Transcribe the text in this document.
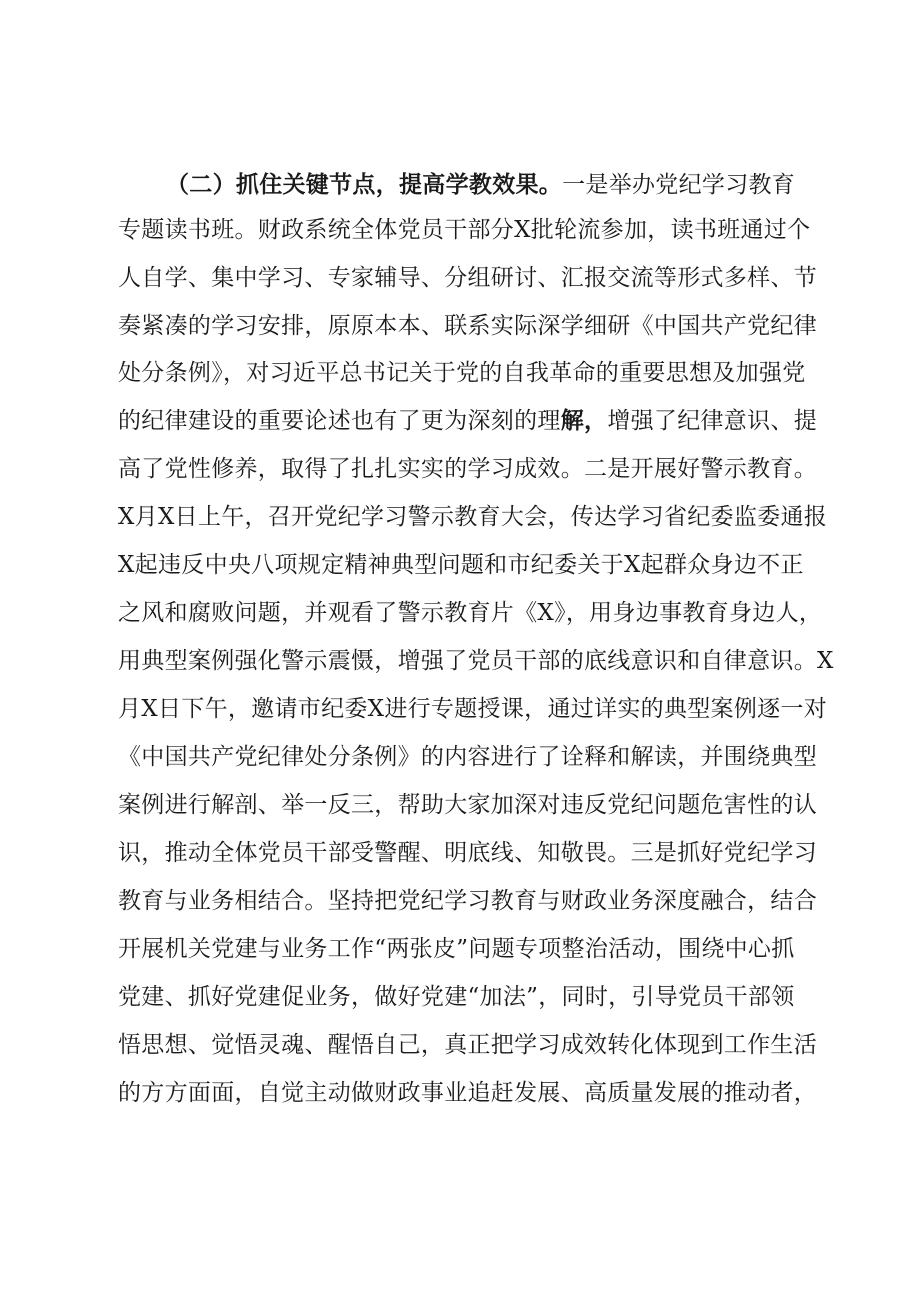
（二）抓住关键节点，提高学教效果。一是举办党纪学习教育
专题读书班。财政系统全体党员干部分X批轮流参加，读书班通过个
人自学、集中学习、专家辅导、分组研讨、汇报交流等形式多样、节
奏紧凑的学习安排，原原本本、联系实际深学细研《中国共产党纪律
处分条例》，对习近平总书记关于党的自我革命的重要思想及加强党
的纪律建设的重要论述也有了更为深刻的理解，增强了纪律意识、提
高了党性修养，取得了扎扎实实的学习成效。二是开展好警示教育。
X月X日上午，召开党纪学习警示教育大会，传达学习省纪委监委通报
X起违反中央八项规定精神典型问题和市纪委关于X起群众身边不正
之风和腐败问题，并观看了警示教育片《X》，用身边事教育身边人，
用典型案例强化警示震慑，增强了党员干部的底线意识和自律意识。X
月X日下午，邀请市纪委X进行专题授课，通过详实的典型案例逐一对
《中国共产党纪律处分条例》的内容进行了诠释和解读，并围绕典型
案例进行解剖、举一反三，帮助大家加深对违反党纪问题危害性的认
识，推动全体党员干部受警醒、明底线、知敬畏。三是抓好党纪学习
教育与业务相结合。坚持把党纪学习教育与财政业务深度融合，结合
开展机关党建与业务工作“两张皮”问题专项整治活动，围绕中心抓
党建、抓好党建促业务，做好党建“加法”，同时，引导党员干部领
悟思想、觉悟灵魂、醒悟自己，真正把学习成效转化体现到工作生活
的方方面面，自觉主动做财政事业追赶发展、高质量发展的推动者，
